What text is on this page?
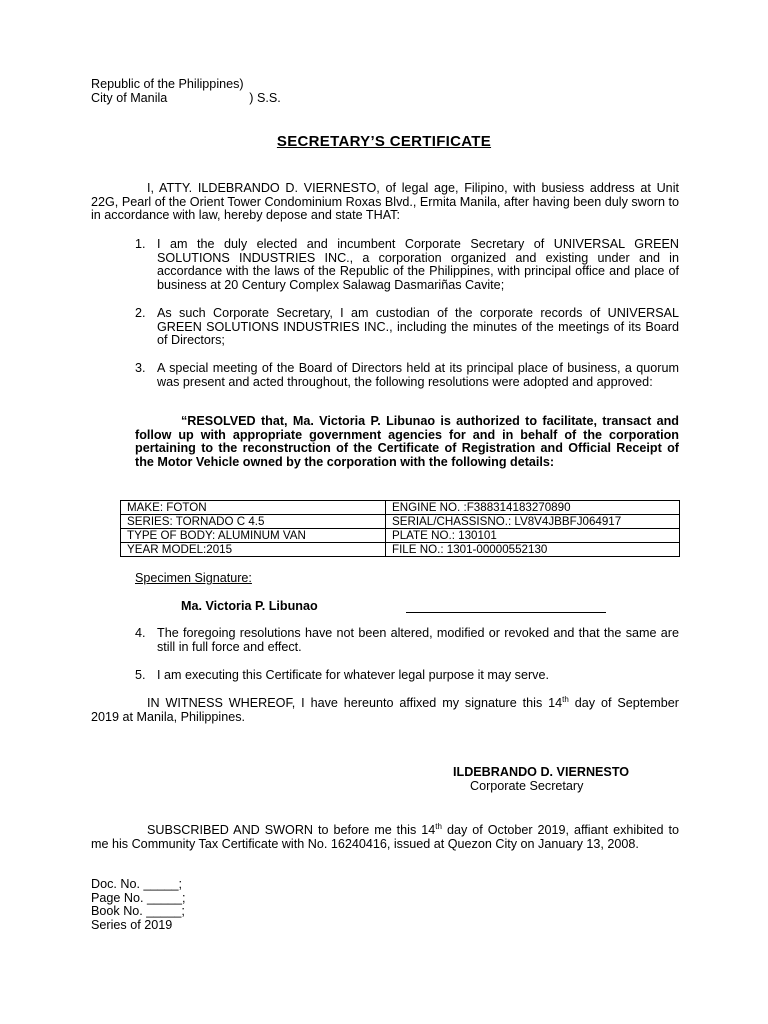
Republic of the Philippines)
City of Manila	) S.S.
SECRETARY’S CERTIFICATE
I, ATTY. ILDEBRANDO D. VIERNESTO, of legal age, Filipino, with busiess address at Unit 22G, Pearl of the Orient Tower Condominium Roxas Blvd., Ermita Manila, after having been duly sworn to in accordance with law, hereby depose and state THAT:
1. I am the duly elected and incumbent Corporate Secretary of UNIVERSAL GREEN SOLUTIONS INDUSTRIES INC., a corporation organized and existing under and in accordance with the laws of the Republic of the Philippines, with principal office and place of business at 20 Century Complex Salawag Dasmariñas Cavite;
2. As such Corporate Secretary, I am custodian of the corporate records of UNIVERSAL GREEN SOLUTIONS INDUSTRIES INC., including the minutes of the meetings of its Board of Directors;
3. A special meeting of the Board of Directors held at its principal place of business, a quorum was present and acted throughout, the following resolutions were adopted and approved:
“RESOLVED that, Ma. Victoria P. Libunao is authorized to facilitate, transact and follow up with appropriate government agencies for and in behalf of the corporation pertaining to the reconstruction of the Certificate of Registration and Official Receipt of the Motor Vehicle owned by the corporation with the following details:
MAKE: FOTON	ENGINE NO. :F388314183270890
SERIES: TORNADO C 4.5	SERIAL/CHASSISNO.: LV8V4JBBFJ064917
TYPE OF BODY: ALUMINUM VAN	PLATE NO.: 130101
YEAR MODEL:2015	FILE NO.: 1301-00000552130
Specimen Signature:
Ma. Victoria P. Libunao
4. The foregoing resolutions have not been altered, modified or revoked and that the same are still in full force and effect.
5. I am executing this Certificate for whatever legal purpose it may serve.
IN WITNESS WHEREOF, I have hereunto affixed my signature this 14th day of September 2019 at Manila, Philippines.
ILDEBRANDO D. VIERNESTO
Corporate Secretary
SUBSCRIBED AND SWORN to before me this 14th day of October 2019, affiant exhibited to me his Community Tax Certificate with No. 16240416, issued at Quezon City on January 13, 2008.
Doc. No. _____;
Page No. _____;
Book No. _____;
Series of 2019
